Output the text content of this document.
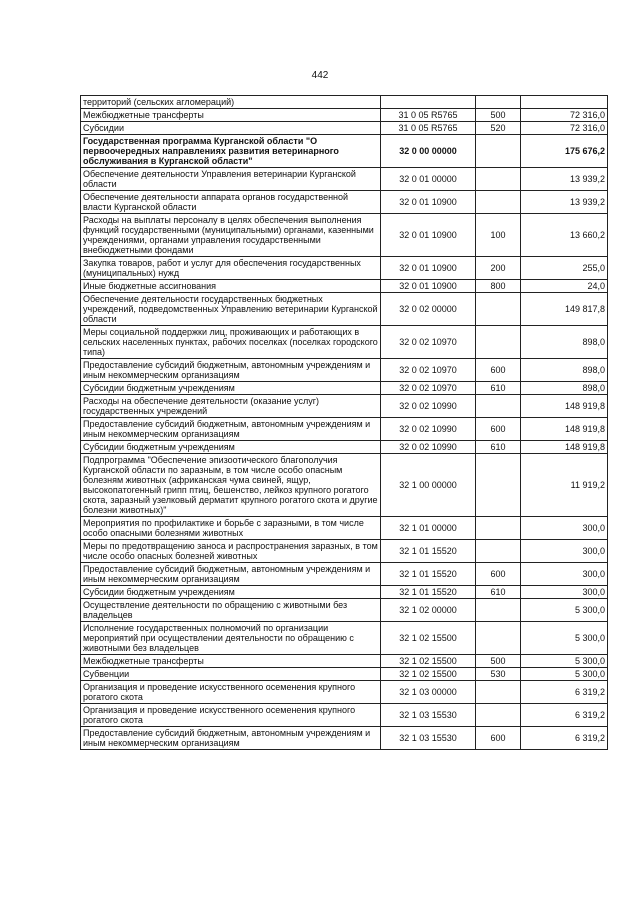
442
территорий (сельских агломераций)			
Межбюджетные трансферты	31 0 05 R5765	500	72 316,0
Субсидии	31 0 05 R5765	520	72 316,0
Государственная программа Курганской области "О первоочередных направлениях развития ветеринарного обслуживания в Курганской области"	32 0 00 00000		175 676,2
Обеспечение деятельности Управления ветеринарии Курганской области	32 0 01 00000		13 939,2
Обеспечение деятельности аппарата органов государственной власти Курганской области	32 0 01 10900		13 939,2
Расходы на выплаты персоналу в целях обеспечения выполнения функций государственными (муниципальными) органами, казенными учреждениями, органами управления государственными внебюджетными фондами	32 0 01 10900	100	13 660,2
Закупка товаров, работ и услуг для обеспечения государственных (муниципальных) нужд	32 0 01 10900	200	255,0
Иные бюджетные ассигнования	32 0 01 10900	800	24,0
Обеспечение деятельности государственных бюджетных учреждений, подведомственных Управлению ветеринарии Курганской области	32 0 02 00000		149 817,8
Меры социальной поддержки лиц, проживающих и работающих в сельских населенных пунктах, рабочих поселках (поселках городского типа)	32 0 02 10970		898,0
Предоставление субсидий бюджетным, автономным учреждениям и иным некоммерческим организациям	32 0 02 10970	600	898,0
Субсидии бюджетным учреждениям	32 0 02 10970	610	898,0
Расходы на обеспечение деятельности (оказание услуг) государственных учреждений	32 0 02 10990		148 919,8
Предоставление субсидий бюджетным, автономным учреждениям и иным некоммерческим организациям	32 0 02 10990	600	148 919,8
Субсидии бюджетным учреждениям	32 0 02 10990	610	148 919,8
Подпрограмма "Обеспечение эпизоотического благополучия Курганской области по заразным, в том числе особо опасным болезням животных (африканская чума свиней, ящур, высокопатогенный грипп птиц, бешенство, лейкоз крупного рогатого скота, заразный узелковый дерматит крупного рогатого скота и другие болезни животных)"	32 1 00 00000		11 919,2
Мероприятия по профилактике и борьбе с заразными, в том числе особо опасными болезнями животных	32 1 01 00000		300,0
Меры по предотвращению заноса и распространения заразных, в том числе особо опасных болезней животных	32 1 01 15520		300,0
Предоставление субсидий бюджетным, автономным учреждениям и иным некоммерческим организациям	32 1 01 15520	600	300,0
Субсидии бюджетным учреждениям	32 1 01 15520	610	300,0
Осуществление деятельности по обращению с животными без владельцев	32 1 02 00000		5 300,0
Исполнение государственных полномочий по организации мероприятий при осуществлении деятельности по обращению с животными без владельцев	32 1 02 15500		5 300,0
Межбюджетные трансферты	32 1 02 15500	500	5 300,0
Субвенции	32 1 02 15500	530	5 300,0
Организация и проведение искусственного осеменения крупного рогатого скота	32 1 03 00000		6 319,2
Организация и проведение искусственного осеменения крупного рогатого скота	32 1 03 15530		6 319,2
Предоставление субсидий бюджетным, автономным учреждениям и иным некоммерческим организациям	32 1 03 15530	600	6 319,2
